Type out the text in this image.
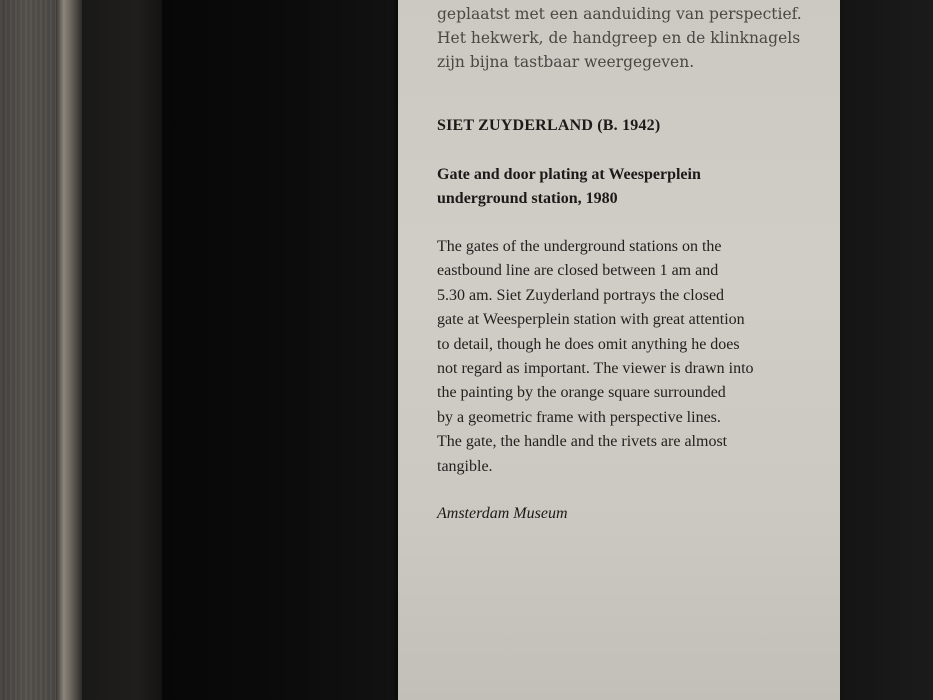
geplaatst met een aanduiding van perspectief.
Het hekwerk, de handgreep en de klinknagels
zijn bijna tastbaar weergegeven.

SIET ZUYDERLAND (B. 1942)

Gate and door plating at Weesperplein
underground station, 1980

The gates of the underground stations on the
eastbound line are closed between 1 am and
5.30 am. Siet Zuyderland portrays the closed
gate at Weesperplein station with great attention
to detail, though he does omit anything he does
not regard as important. The viewer is drawn into
the painting by the orange square surrounded
by a geometric frame with perspective lines.
The gate, the handle and the rivets are almost
tangible.

Amsterdam Museum
